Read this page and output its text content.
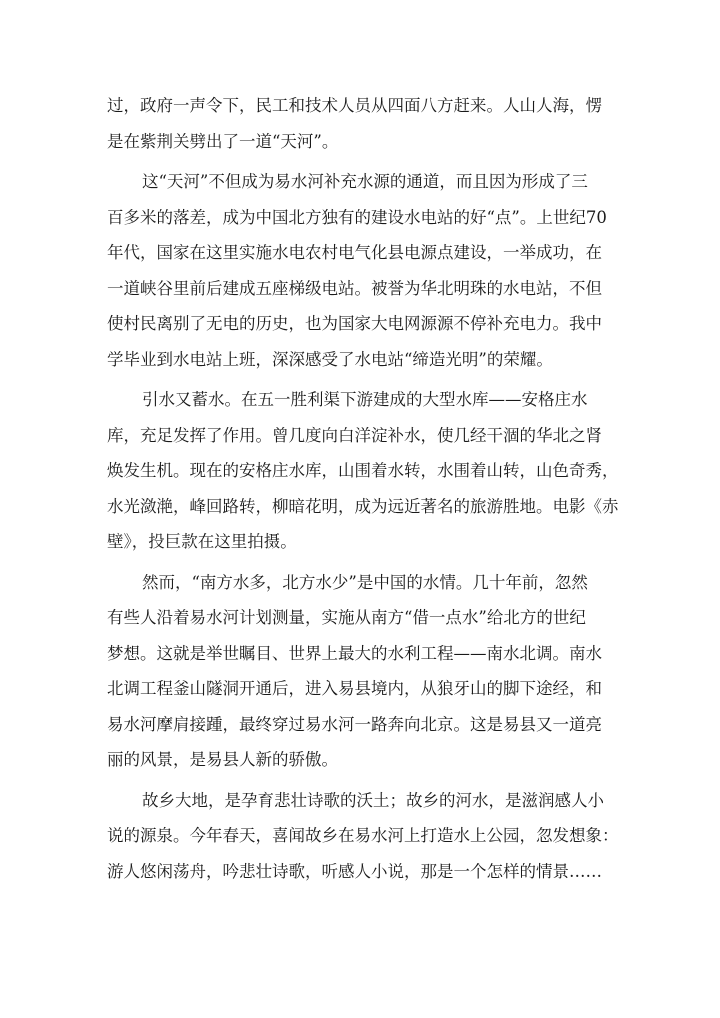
过，政府一声令下，民工和技术人员从四面八方赶来。人山人海，愣
是在紫荆关劈出了一道“天河”。
这“天河”不但成为易水河补充水源的通道，而且因为形成了三
百多米的落差，成为中国北方独有的建设水电站的好“点”。上世纪70
年代，国家在这里实施水电农村电气化县电源点建设，一举成功，在
一道峡谷里前后建成五座梯级电站。被誉为华北明珠的水电站，不但
使村民离别了无电的历史，也为国家大电网源源不停补充电力。我中
学毕业到水电站上班，深深感受了水电站“缔造光明”的荣耀。
引水又蓄水。在五一胜利渠下游建成的大型水库——安格庄水
库，充足发挥了作用。曾几度向白洋淀补水，使几经干涸的华北之肾
焕发生机。现在的安格庄水库，山围着水转，水围着山转，山色奇秀，
水光潋滟，峰回路转，柳暗花明，成为远近著名的旅游胜地。电影《赤
壁》，投巨款在这里拍摄。
然而，“南方水多，北方水少”是中国的水情。几十年前，忽然
有些人沿着易水河计划测量，实施从南方“借一点水”给北方的世纪
梦想。这就是举世瞩目、世界上最大的水利工程——南水北调。南水
北调工程釜山隧洞开通后，进入易县境内，从狼牙山的脚下途经，和
易水河摩肩接踵，最终穿过易水河一路奔向北京。这是易县又一道亮
丽的风景，是易县人新的骄傲。
故乡大地，是孕育悲壮诗歌的沃土；故乡的河水，是滋润感人小
说的源泉。今年春天，喜闻故乡在易水河上打造水上公园，忽发想象：
游人悠闲荡舟，吟悲壮诗歌，听感人小说，那是一个怎样的情景……
